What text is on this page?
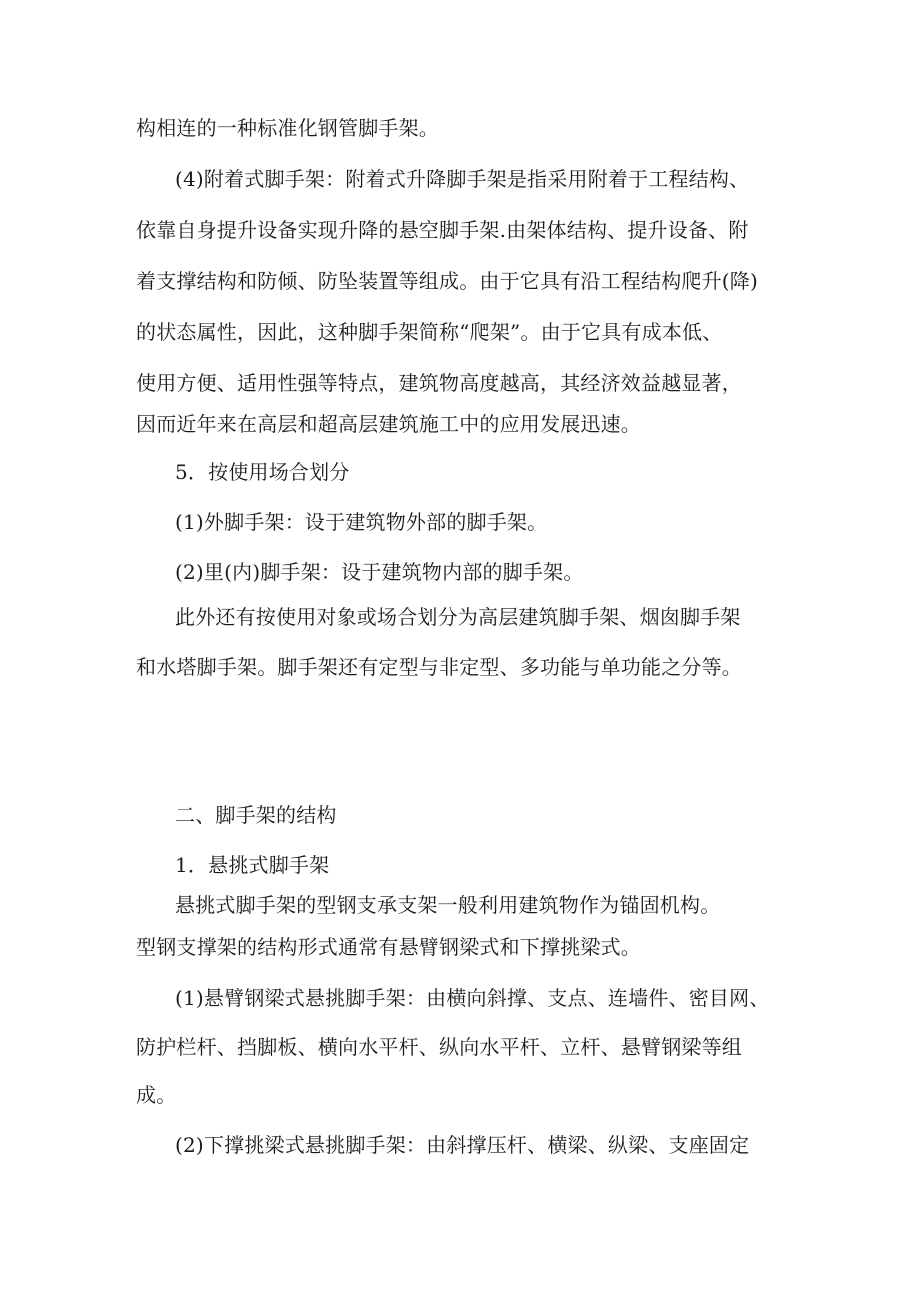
构相连的一种标准化钢管脚手架。
(4)附着式脚手架：附着式升降脚手架是指采用附着于工程结构、
依靠自身提升设备实现升降的悬空脚手架.由架体结构、提升设备、附
着支撑结构和防倾、防坠装置等组成。由于它具有沿工程结构爬升(降)
的状态属性，因此，这种脚手架简称“爬架”。由于它具有成本低、
使用方便、适用性强等特点，建筑物高度越高，其经济效益越显著，
因而近年来在高层和超高层建筑施工中的应用发展迅速。
5．按使用场合划分
(1)外脚手架：设于建筑物外部的脚手架。
(2)里(内)脚手架：设于建筑物内部的脚手架。
此外还有按使用对象或场合划分为高层建筑脚手架、烟囱脚手架
和水塔脚手架。脚手架还有定型与非定型、多功能与单功能之分等。
二、脚手架的结构
1．悬挑式脚手架
悬挑式脚手架的型钢支承支架一般利用建筑物作为锚固机构。
型钢支撑架的结构形式通常有悬臂钢梁式和下撑挑梁式。
(1)悬臂钢梁式悬挑脚手架：由横向斜撑、支点、连墙件、密目网、
防护栏杆、挡脚板、横向水平杆、纵向水平杆、立杆、悬臂钢梁等组
成。
(2)下撑挑梁式悬挑脚手架：由斜撑压杆、横梁、纵梁、支座固定
